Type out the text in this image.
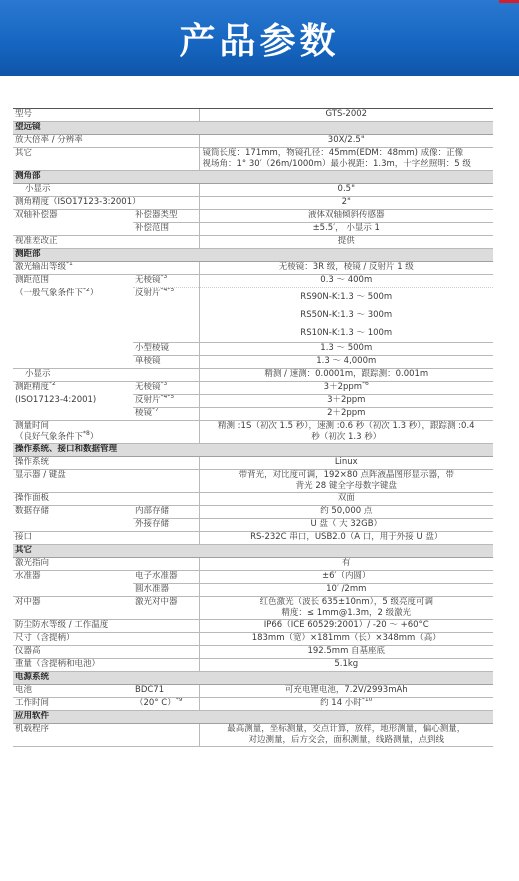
产品参数
型号		GTS-2002
望远镜		
放大倍率 / 分辨率		30X/2.5"
其它		镜筒长度：171mm，物镜孔径：45mm(EDM：48mm) 成像：正像
视场角：1° 30′（26m/1000m）最小视距：1.3m，十字丝照明：5 级
测角部		
小显示		0.5"
测角精度（ISO17123-3:2001）		2"
双轴补偿器	补偿器类型	液体双轴倾斜传感器
	补偿范围	±5.5′， 小显示 1
视准差改正		提供
测距部		
激光输出等级$^{*1}$		无棱镜：3R 级，棱镜 / 反射片 1 级
测距范围	无棱镜$^{*3}$	0.3 ～ 400m
（一般气象条件下$^{*2}$）	反射片$^{*4*5}$	RS90N-K:1.3 ～ 500m
		RS50N-K:1.3 ～ 300m
		RS10N-K:1.3 ～ 100m
	小型棱镜	1.3 ～ 500m
	单棱镜	1.3 ～ 4,000m
小显示		精测 / 速测：0.0001m，跟踪测：0.001m
测距精度$^{*2}$	无棱镜$^{*3}$	3＋2ppm$^{*6}$
(ISO17123-4:2001)	反射片$^{*4*5}$	3＋2ppm
	棱镜$^{*7}$	2＋2ppm
测量时间
（良好气象条件下$^{*8}$）		精测 :1S（初次 1.5 秒），速测 :0.6 秒（初次 1.3 秒），跟踪测 :0.4
秒（初次 1.3 秒）
操作系统、接口和数据管理		
操作系统		Linux
显示器 / 键盘		带背光，对比度可调，192×80 点阵液晶图形显示器，带
背光 28 键全字母数字键盘
操作面板		双面
数据存储	内部存储	约 50,000 点
	外接存储	U 盘（ 大 32GB）
接口		RS-232C 串口，USB2.0（A 口，用于外接 U 盘）
其它		
激光指向		有
水准器	电子水准器	±6′（内圆）
	圆水准器	10′ /2mm
对中器	激光对中器	红色激光（波长 635±10nm），5 级亮度可调
精度：≤ 1mm@1.3m，2 级激光
防尘防水等级 / 工作温度		IP66（ICE 60529:2001）/ -20 ～ +60°C
尺寸（含提柄）		183mm（宽）×181mm（长）×348mm（高）
仪器高		192.5mm 自基座底
重量（含提柄和电池）		5.1kg
电源系统		
电池	BDC71	可充电锂电池，7.2V/2993mAh
工作时间	（20° C）$^{*9}$	约 14 小时$^{*10}$
应用软件		
机载程序		最高测量，坐标测量，交点计算，放样，地形测量，偏心测量，
对边测量，后方交会，面积测量，线路测量，点到线
